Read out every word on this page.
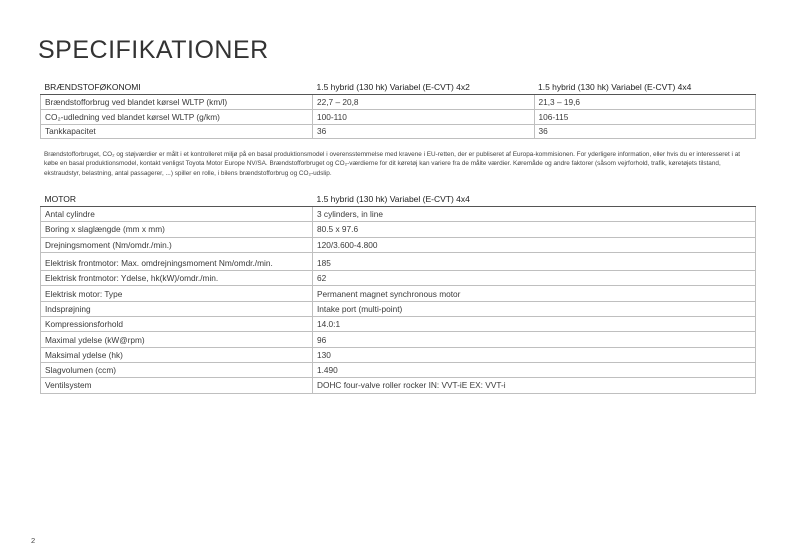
SPECIFIKATIONER
BRÆNDSTOFØKONOMI	1.5 hybrid (130 hk) Variabel (E-CVT) 4x2	1.5 hybrid (130 hk) Variabel (E-CVT) 4x4
Brændstofforbrug ved blandet kørsel WLTP (km/l)	22,7 – 20,8	21,3 – 19,6
CO₂-udledning ved blandet kørsel WLTP (g/km)	100-110	106-115
Tankkapacitet	36	36

Brændstofforbruget, CO₂ og støjværdier er målt i et kontrolleret miljø på en basal produktionsmodel i overensstemmelse med kravene i EU-retten, der er publiseret af Europa-kommisionen. For yderligere information, eller hvis du er interesseret i at købe en basal produktionsmodel, kontakt venligst Toyota Motor Europe NV/SA. Brændstofforbruget og CO₂-værdierne for dit køretøj kan variere fra de målte værdier. Køremåde og andre faktorer (såsom vejrforhold, trafik, køretøjets tilstand, ekstraudstyr, belastning, antal passagerer, ...) spiller en rolle, i bilens brændstofforbrug og CO₂-udslip.

MOTOR	1.5 hybrid (130 hk) Variabel (E-CVT) 4x4
Antal cylindre	3 cylinders, in line
Boring x slaglængde (mm x mm)	80.5 x 97.6
Drejningsmoment (Nm/omdr./min.)	120/3.600-4.800
Elektrisk frontmotor: Max. omdrejningsmoment Nm/omdr./min.	185
Elektrisk frontmotor: Ydelse, hk(kW)/omdr./min.	62
Elektrisk motor: Type	Permanent magnet synchronous motor
Indsprøjning	Intake port (multi-point)
Kompressionsforhold	14.0:1
Maximal ydelse (kW@rpm)	96
Maksimal ydelse (hk)	130
Slagvolumen (ccm)	1.490
Ventilsystem	DOHC four-valve roller rocker IN: VVT-iE EX: VVT-i
2
